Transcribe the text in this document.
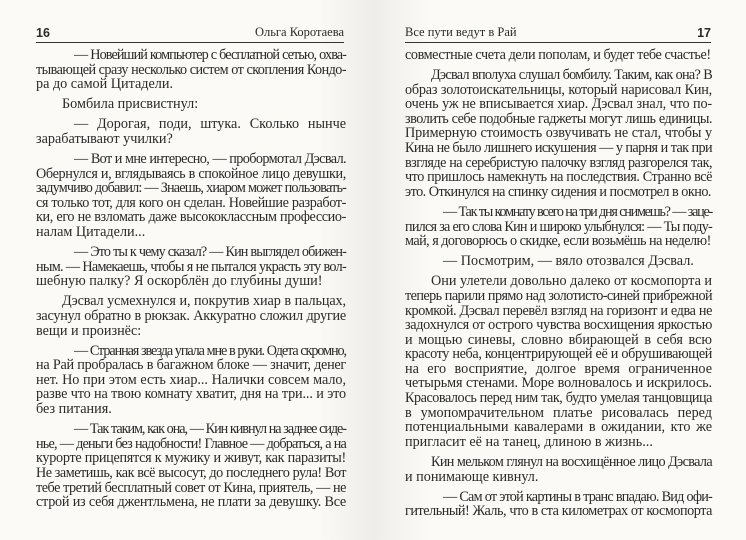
16	Ольга Коротаева
— Новейший компьютер с бесплатной сетью, охва-
тывающей сразу несколько систем от скопления Кондо-
ра до самой Цитадели.
Бомбила присвистнул:
— Дорогая, поди, штука. Сколько нынче
зарабатывают училки?
— Вот и мне интересно, — пробормотал Дэсвал.
Обернулся и, вглядываясь в спокойное лицо девушки,
задумчиво добавил: — Знаешь, хиаром может пользовать-
ся только тот, для кого он сделан. Новейшие разработ-
ки, его не взломать даже высококлассным профессио-
налам Цитадели...
— Это ты к чему сказал? — Кин выглядел обижен-
ным. — Намекаешь, чтобы я не пытался украсть эту вол-
шебную палку? Я оскорблён до глубины души!
Дэсвал усмехнулся и, покрутив хиар в пальцах,
засунул обратно в рюкзак. Аккуратно сложил другие
вещи и произнёс:
— Странная звезда упала мне в руки. Одета скромно,
на Рай пробралась в багажном блоке — значит, денег
нет. Но при этом есть хиар... Налички совсем мало,
разве что на твою комнату хватит, дня на три... и это
без питания.
— Так таким, как она, — Кин кивнул на заднее сиде-
нье, — деньги без надобности! Главное — добраться, а на
курорте прицепятся к мужику и живут, как паразиты!
Не заметишь, как всё высосут, до последнего рула! Вот
тебе третий бесплатный совет от Кина, приятель, — не
строй из себя джентльмена, не плати за девушку. Все
Все пути ведут в Рай	17
совместные счета дели пополам, и будет тебе счастье!
Дэсвал вполуха слушал бомбилу. Таким, как она? В
образ золотоискательницы, который нарисовал Кин,
очень уж не вписывается хиар. Дэсвал знал, что по-
зволить себе подобные гаджеты могут лишь единицы.
Примерную стоимость озвучивать не стал, чтобы у
Кина не было лишнего искушения — у парня и так при
взгляде на серебристую палочку взгляд разгорелся так,
что пришлось намекнуть на последствия. Странно всё
это. Откинулся на спинку сидения и посмотрел в окно.
— Так ты комнату всего на три дня снимешь? — заце-
пился за его слова Кин и широко улыбнулся: — Ты поду-
май, я договорюсь о скидке, если возьмёшь на неделю!
— Посмотрим, — вяло отозвался Дэсвал.
Они улетели довольно далеко от космопорта и
теперь парили прямо над золотисто-синей прибрежной
кромкой. Дэсвал перевёл взгляд на горизонт и едва не
задохнулся от острого чувства восхищения яркостью
и мощью синевы, словно вбирающей в себя всю
красоту неба, концентрирующей её и обрушивающей
на его восприятие, долгое время ограниченное
четырьмя стенами. Море волновалось и искрилось.
Красовалось перед ним так, будто умелая танцовщица
в умопомрачительном платье рисовалась перед
потенциальными кавалерами в ожидании, кто же
пригласит её на танец, длиною в жизнь...
Кин мельком глянул на восхищённое лицо Дэсвала
и понимающе кивнул.
— Сам от этой картины в транс впадаю. Вид офи-
гительный! Жаль, что в ста километрах от космопорта
